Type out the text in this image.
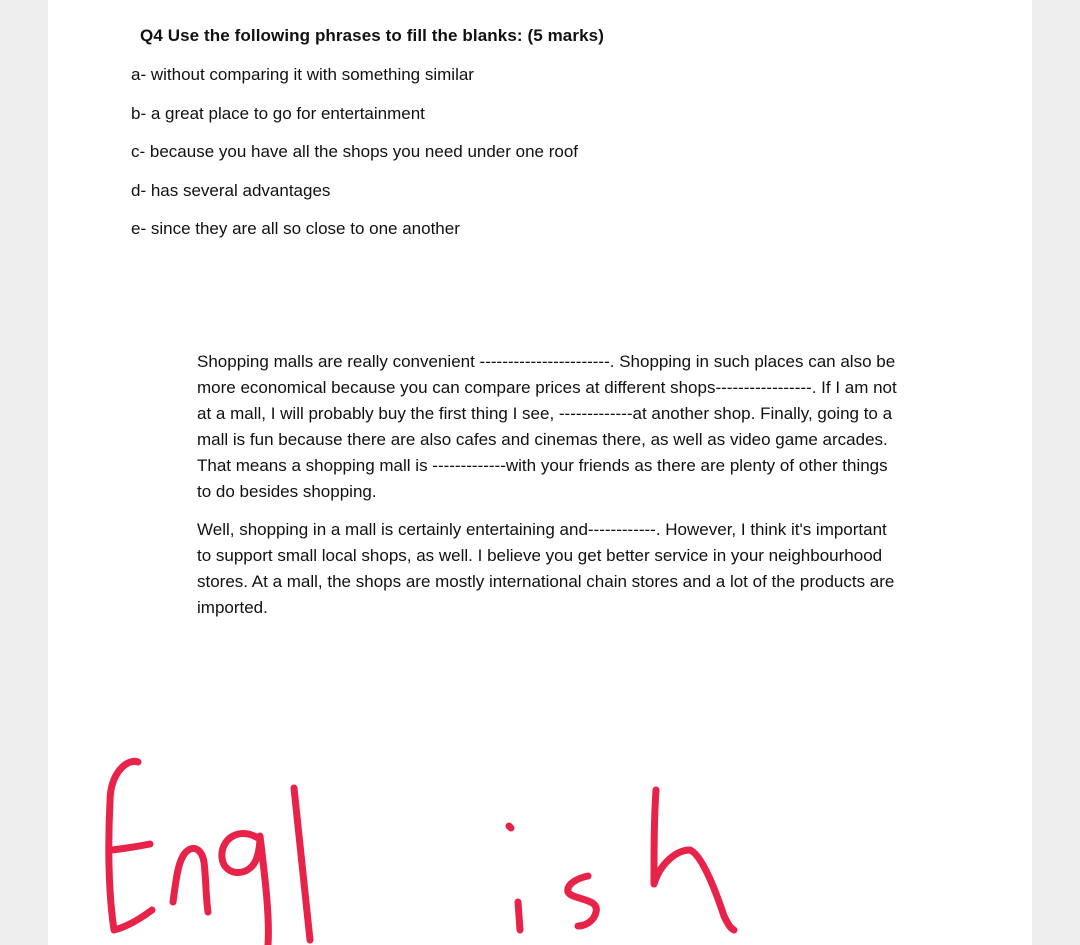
Q4 Use the following phrases to fill the blanks: (5 marks)
a- without comparing it with something similar
b- a great place to go for entertainment
c- because you have all the shops you need under one roof
d- has several advantages
e- since they are all so close to one another

Shopping malls are really convenient -----------------------. Shopping in such places can also be more economical because you can compare prices at different shops-----------------. If I am not at a mall, I will probably buy the first thing I see, -------------at another shop. Finally, going to a mall is fun because there are also cafes and cinemas there, as well as video game arcades. That means a shopping mall is -------------with your friends as there are plenty of other things to do besides shopping.

Well, shopping in a mall is certainly entertaining and------------. However, I think it's important to support small local shops, as well. I believe you get better service in your neighbourhood stores. At a mall, the shops are mostly international chain stores and a lot of the products are imported.
